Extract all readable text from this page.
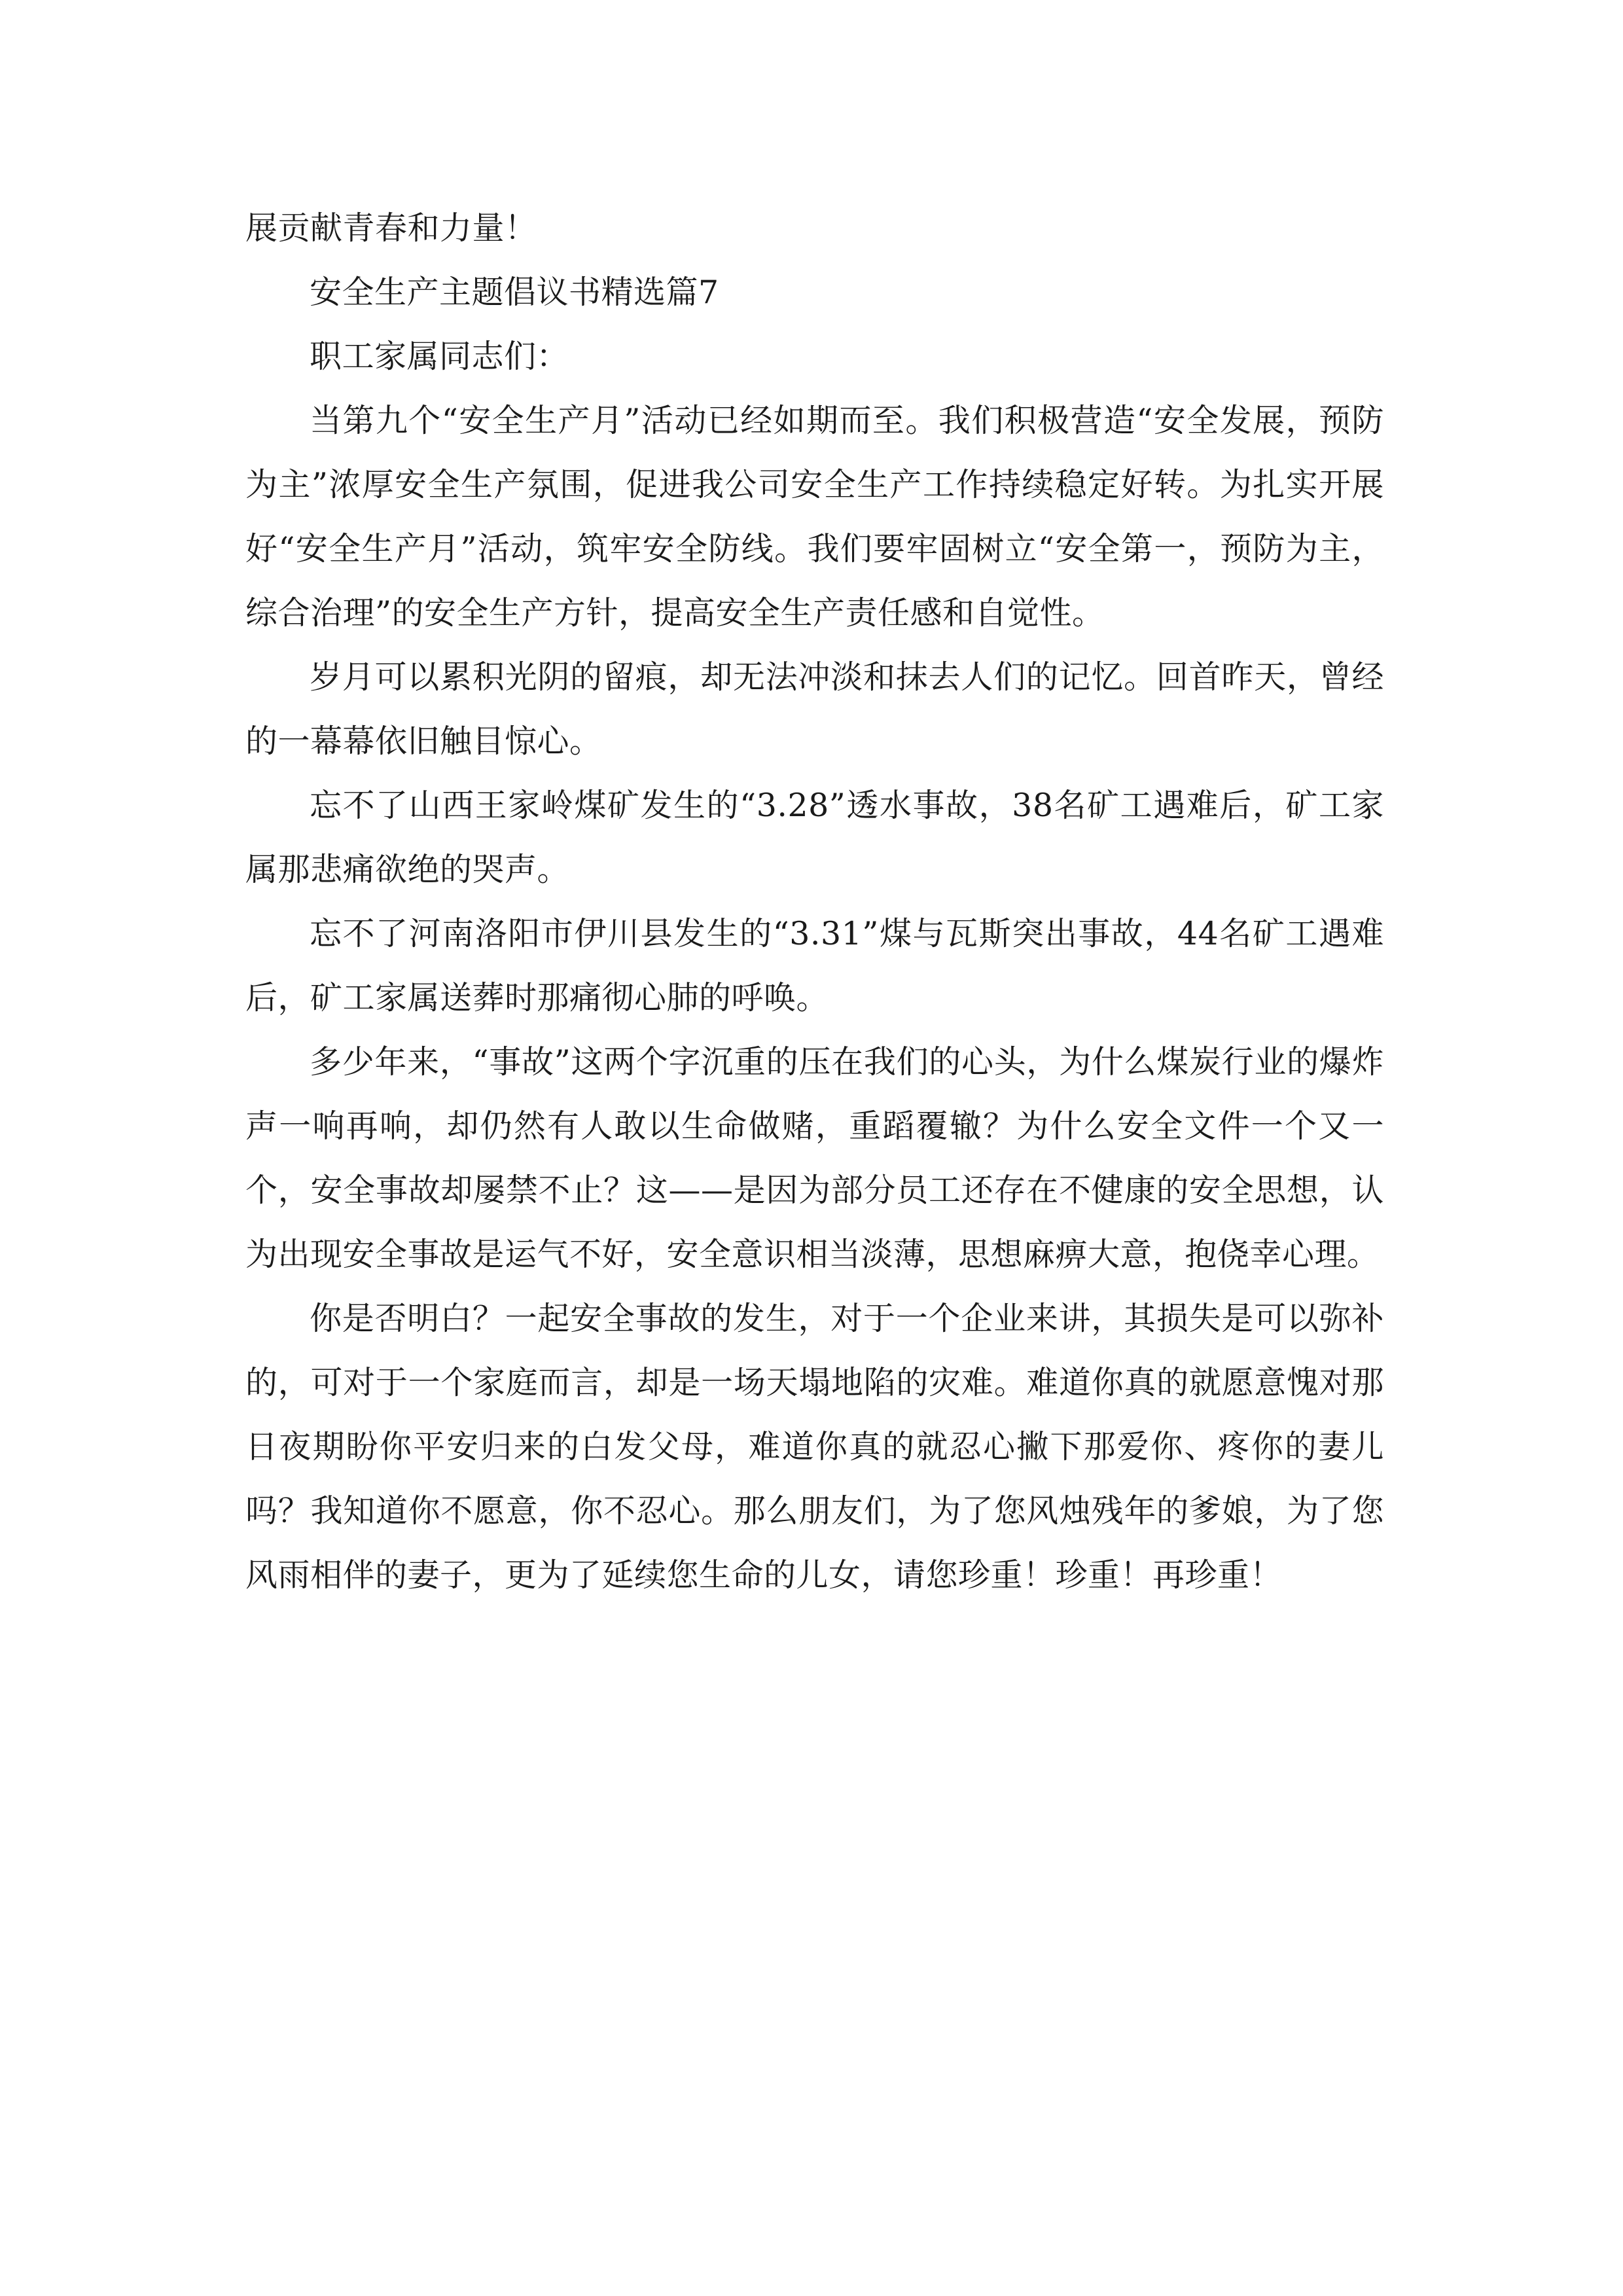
展贡献青春和力量！

安全生产主题倡议书精选篇7

职工家属同志们：

当第九个“安全生产月”活动已经如期而至。我们积极营造“安全发展，预防为主”浓厚安全生产氛围，促进我公司安全生产工作持续稳定好转。为扎实开展好“安全生产月”活动，筑牢安全防线。我们要牢固树立“安全第一，预防为主，综合治理”的安全生产方针，提高安全生产责任感和自觉性。

岁月可以累积光阴的留痕，却无法冲淡和抹去人们的记忆。回首昨天，曾经的一幕幕依旧触目惊心。

忘不了山西王家岭煤矿发生的“3.28”透水事故，38名矿工遇难后，矿工家属那悲痛欲绝的哭声。

忘不了河南洛阳市伊川县发生的“3.31”煤与瓦斯突出事故，44名矿工遇难后，矿工家属送葬时那痛彻心肺的呼唤。

多少年来，“事故”这两个字沉重的压在我们的心头，为什么煤炭行业的爆炸声一响再响，却仍然有人敢以生命做赌，重蹈覆辙？为什么安全文件一个又一个，安全事故却屡禁不止？这——是因为部分员工还存在不健康的安全思想，认为出现安全事故是运气不好，安全意识相当淡薄，思想麻痹大意，抱侥幸心理。

你是否明白？一起安全事故的发生，对于一个企业来讲，其损失是可以弥补的，可对于一个家庭而言，却是一场天塌地陷的灾难。难道你真的就愿意愧对那日夜期盼你平安归来的白发父母，难道你真的就忍心撇下那爱你、疼你的妻儿吗？我知道你不愿意，你不忍心。那么朋友们，为了您风烛残年的爹娘，为了您风雨相伴的妻子，更为了延续您生命的儿女，请您珍重！珍重！再珍重！
